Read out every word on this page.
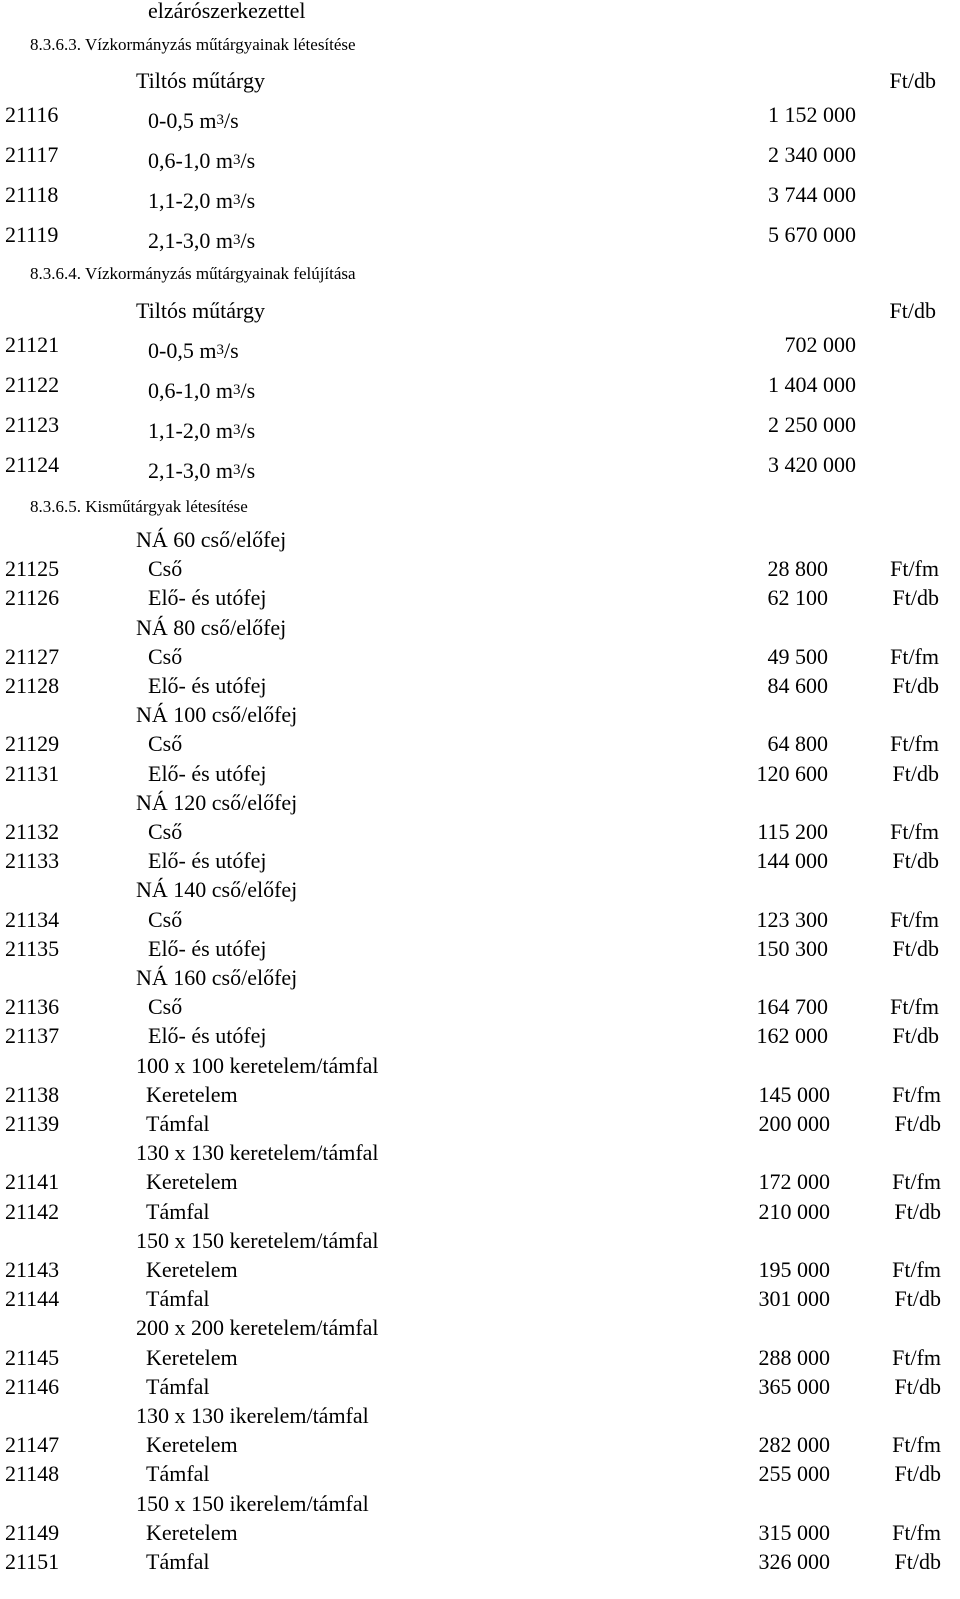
elzárószerkezettel
8.3.6.3. Vízkormányzás műtárgyainak létesítése
Tiltós műtárgy	Ft/db
21116	0-0,5 $m^3/s$	1 152 000
21117	0,6-1,0 $m^3/s$	2 340 000
21118	1,1-2,0 $m^3/s$	3 744 000
21119	2,1-3,0 $m^3/s$	5 670 000
8.3.6.4. Vízkormányzás műtárgyainak felújítása
Tiltós műtárgy	Ft/db
21121	0-0,5 $m^3/s$	702 000
21122	0,6-1,0 $m^3/s$	1 404 000
21123	1,1-2,0 $m^3/s$	2 250 000
21124	2,1-3,0 $m^3/s$	3 420 000
8.3.6.5. Kisműtárgyak létesítése
NÁ 60 cső/előfej
21125	Cső	28 800	Ft/fm
21126	Elő- és utófej	62 100	Ft/db
NÁ 80 cső/előfej
21127	Cső	49 500	Ft/fm
21128	Elő- és utófej	84 600	Ft/db
NÁ 100 cső/előfej
21129	Cső	64 800	Ft/fm
21131	Elő- és utófej	120 600	Ft/db
NÁ 120 cső/előfej
21132	Cső	115 200	Ft/fm
21133	Elő- és utófej	144 000	Ft/db
NÁ 140 cső/előfej
21134	Cső	123 300	Ft/fm
21135	Elő- és utófej	150 300	Ft/db
NÁ 160 cső/előfej
21136	Cső	164 700	Ft/fm
21137	Elő- és utófej	162 000	Ft/db
100 x 100 keretelem/támfal
21138	Keretelem	145 000	Ft/fm
21139	Támfal	200 000	Ft/db
130 x 130 keretelem/támfal
21141	Keretelem	172 000	Ft/fm
21142	Támfal	210 000	Ft/db
150 x 150 keretelem/támfal
21143	Keretelem	195 000	Ft/fm
21144	Támfal	301 000	Ft/db
200 x 200 keretelem/támfal
21145	Keretelem	288 000	Ft/fm
21146	Támfal	365 000	Ft/db
130 x 130 ikerelem/támfal
21147	Keretelem	282 000	Ft/fm
21148	Támfal	255 000	Ft/db
150 x 150 ikerelem/támfal
21149	Keretelem	315 000	Ft/fm
21151	Támfal	326 000	Ft/db
